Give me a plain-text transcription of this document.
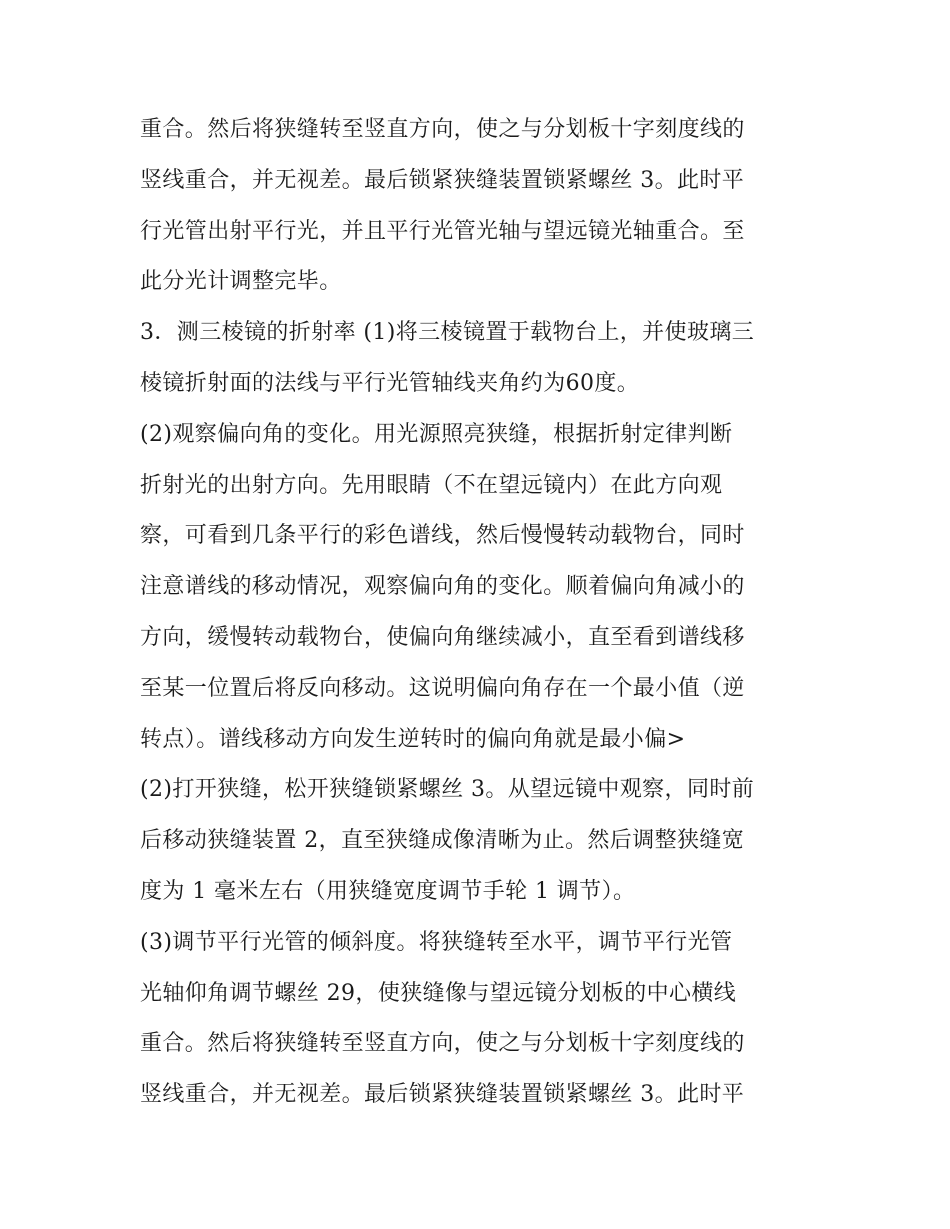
重合。然后将狭缝转至竖直方向，使之与分划板十字刻度线的
竖线重合，并无视差。最后锁紧狭缝装置锁紧螺丝 3。此时平
行光管出射平行光，并且平行光管光轴与望远镜光轴重合。至
此分光计调整完毕。
3．测三棱镜的折射率 (1)将三棱镜置于载物台上，并使玻璃三
棱镜折射面的法线与平行光管轴线夹角约为60度。
(2)观察偏向角的变化。用光源照亮狭缝，根据折射定律判断
折射光的出射方向。先用眼睛（不在望远镜内）在此方向观
察，可看到几条平行的彩色谱线，然后慢慢转动载物台，同时
注意谱线的移动情况，观察偏向角的变化。顺着偏向角减小的
方向，缓慢转动载物台，使偏向角继续减小，直至看到谱线移
至某一位置后将反向移动。这说明偏向角存在一个最小值（逆
转点）。谱线移动方向发生逆转时的偏向角就是最小偏>
(2)打开狭缝，松开狭缝锁紧螺丝 3。从望远镜中观察，同时前
后移动狭缝装置 2，直至狭缝成像清晰为止。然后调整狭缝宽
度为 1 毫米左右（用狭缝宽度调节手轮 1 调节）。
(3)调节平行光管的倾斜度。将狭缝转至水平，调节平行光管
光轴仰角调节螺丝 29，使狭缝像与望远镜分划板的中心横线
重合。然后将狭缝转至竖直方向，使之与分划板十字刻度线的
竖线重合，并无视差。最后锁紧狭缝装置锁紧螺丝 3。此时平
